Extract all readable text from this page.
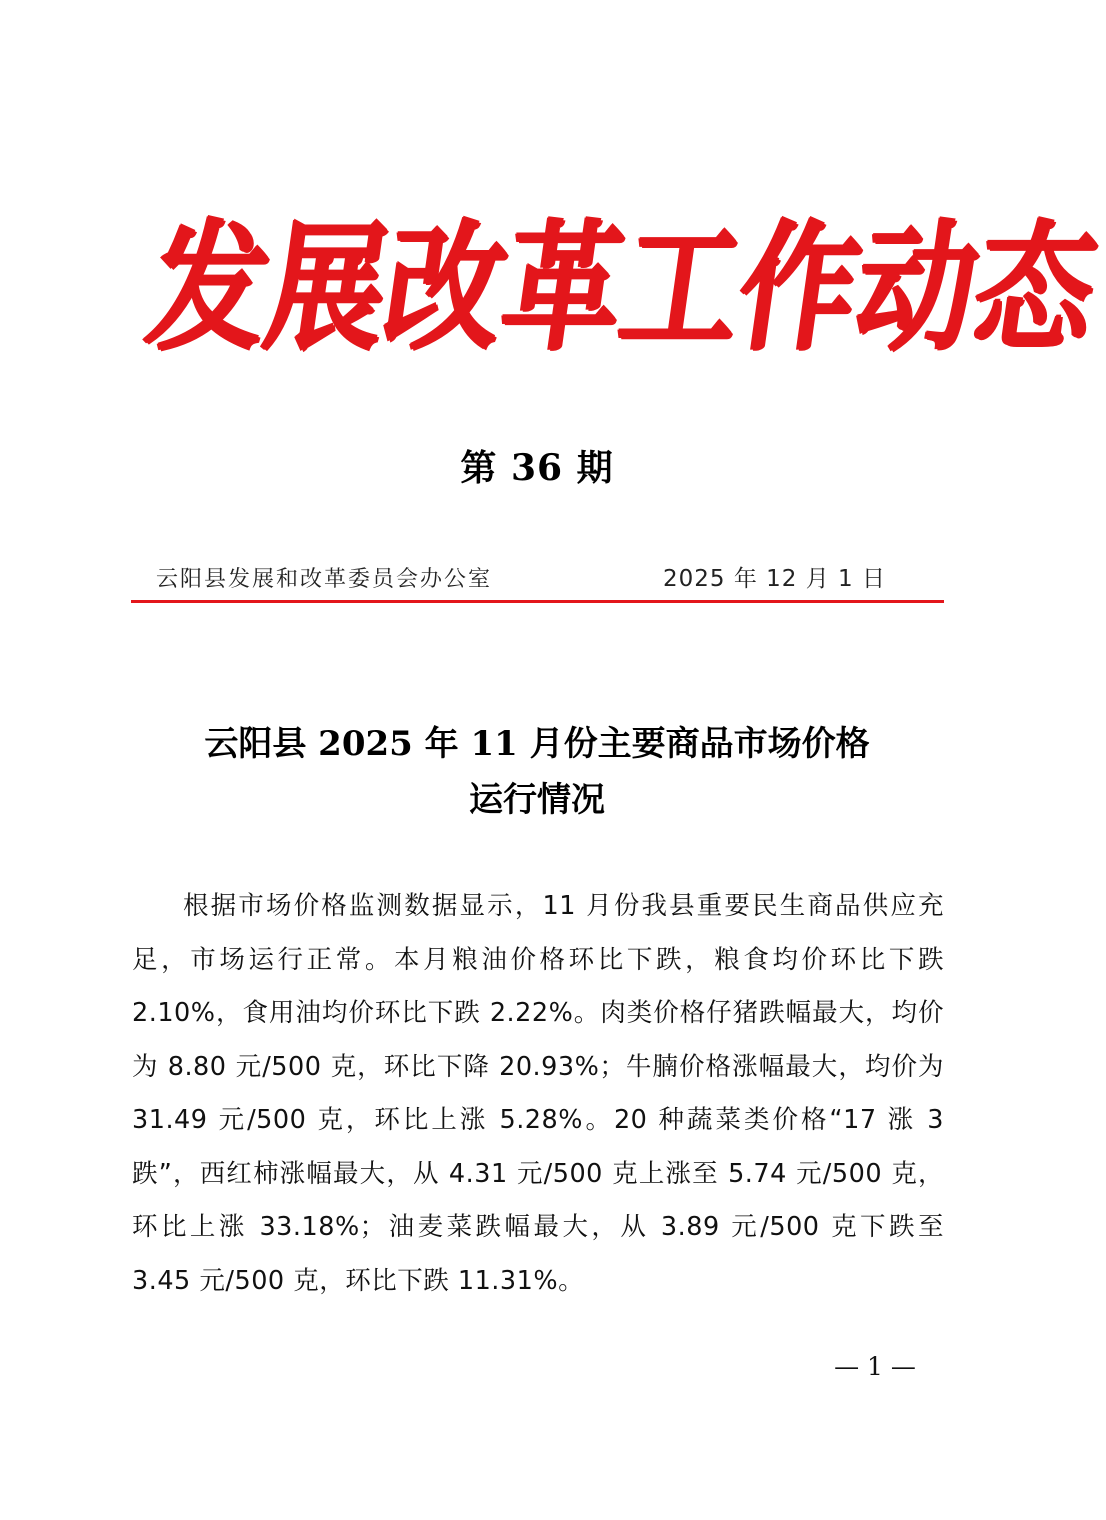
发
展
改
革
工
作
动
态
第 36 期
云阳县发展和改革委员会办公室	2025 年 12 月 1 日
云阳县 2025 年 11 月份主要商品市场价格
运行情况

根据市场价格监测数据显示，11 月份我县重要民生商品供应充足，市场运行正常。本月粮油价格环比下跌，粮食均价环比下跌 2.10%，食用油均价环比下跌 2.22%。肉类价格仔猪跌幅最大，均价为 8.80 元/500 克，环比下降 20.93%；牛腩价格涨幅最大，均价为 31.49 元/500 克，环比上涨 5.28%。20 种蔬菜类价格“17 涨 3 跌”，西红柿涨幅最大，从 4.31 元/500 克上涨至 5.74 元/500 克，环比上涨 33.18%；油麦菜跌幅最大，从 3.89 元/500 克下跌至 3.45 元/500 克，环比下跌 11.31%。

— 1 —
